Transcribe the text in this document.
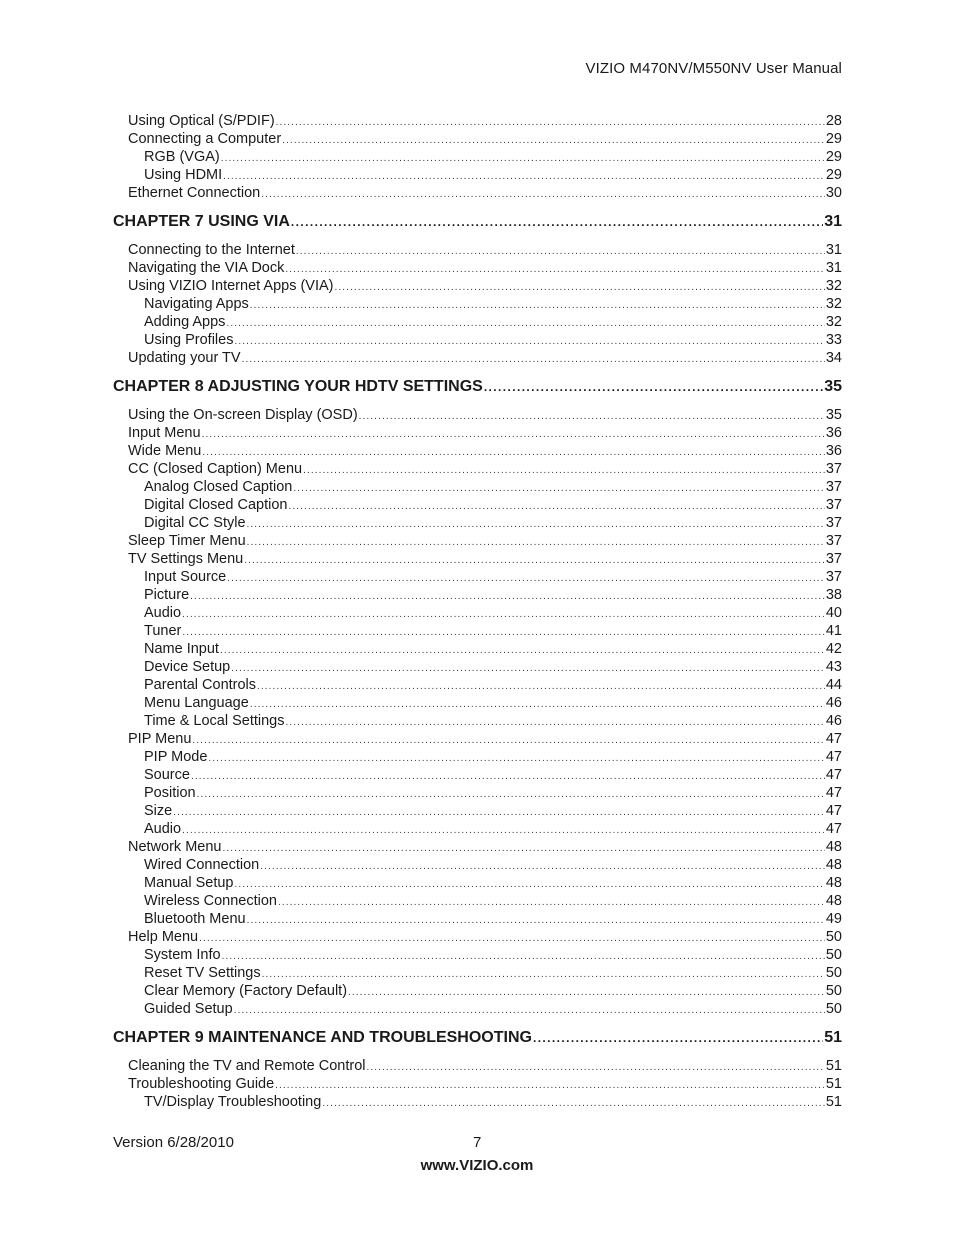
VIZIO M470NV/M550NV User Manual
Using Optical (S/PDIF) .....	28
Connecting a Computer .....	29
RGB (VGA) .....	29
Using HDMI .....	29
Ethernet Connection .....	30
CHAPTER 7 USING VIA .....	31
Connecting to the Internet .....	31
Navigating the VIA Dock .....	31
Using VIZIO Internet Apps (VIA) .....	32
Navigating Apps .....	32
Adding Apps .....	32
Using Profiles .....	33
Updating your TV .....	34
CHAPTER 8 ADJUSTING YOUR HDTV SETTINGS .....	35
Using the On-screen Display (OSD) .....	35
Input Menu .....	36
Wide Menu .....	36
CC (Closed Caption) Menu .....	37
Analog Closed Caption .....	37
Digital Closed Caption .....	37
Digital CC Style .....	37
Sleep Timer Menu .....	37
TV Settings Menu .....	37
Input Source .....	37
Picture .....	38
Audio .....	40
Tuner .....	41
Name Input .....	42
Device Setup .....	43
Parental Controls .....	44
Menu Language .....	46
Time & Local Settings .....	46
PIP Menu .....	47
PIP Mode .....	47
Source .....	47
Position .....	47
Size .....	47
Audio .....	47
Network Menu .....	48
Wired Connection .....	48
Manual Setup .....	48
Wireless Connection .....	48
Bluetooth Menu .....	49
Help Menu .....	50
System Info .....	50
Reset TV Settings .....	50
Clear Memory (Factory Default) .....	50
Guided Setup .....	50
CHAPTER 9 MAINTENANCE AND TROUBLESHOOTING .....	51
Cleaning the TV and Remote Control .....	51
Troubleshooting Guide .....	51
TV/Display Troubleshooting .....	51
Version 6/28/2010	7
www.VIZIO.com
